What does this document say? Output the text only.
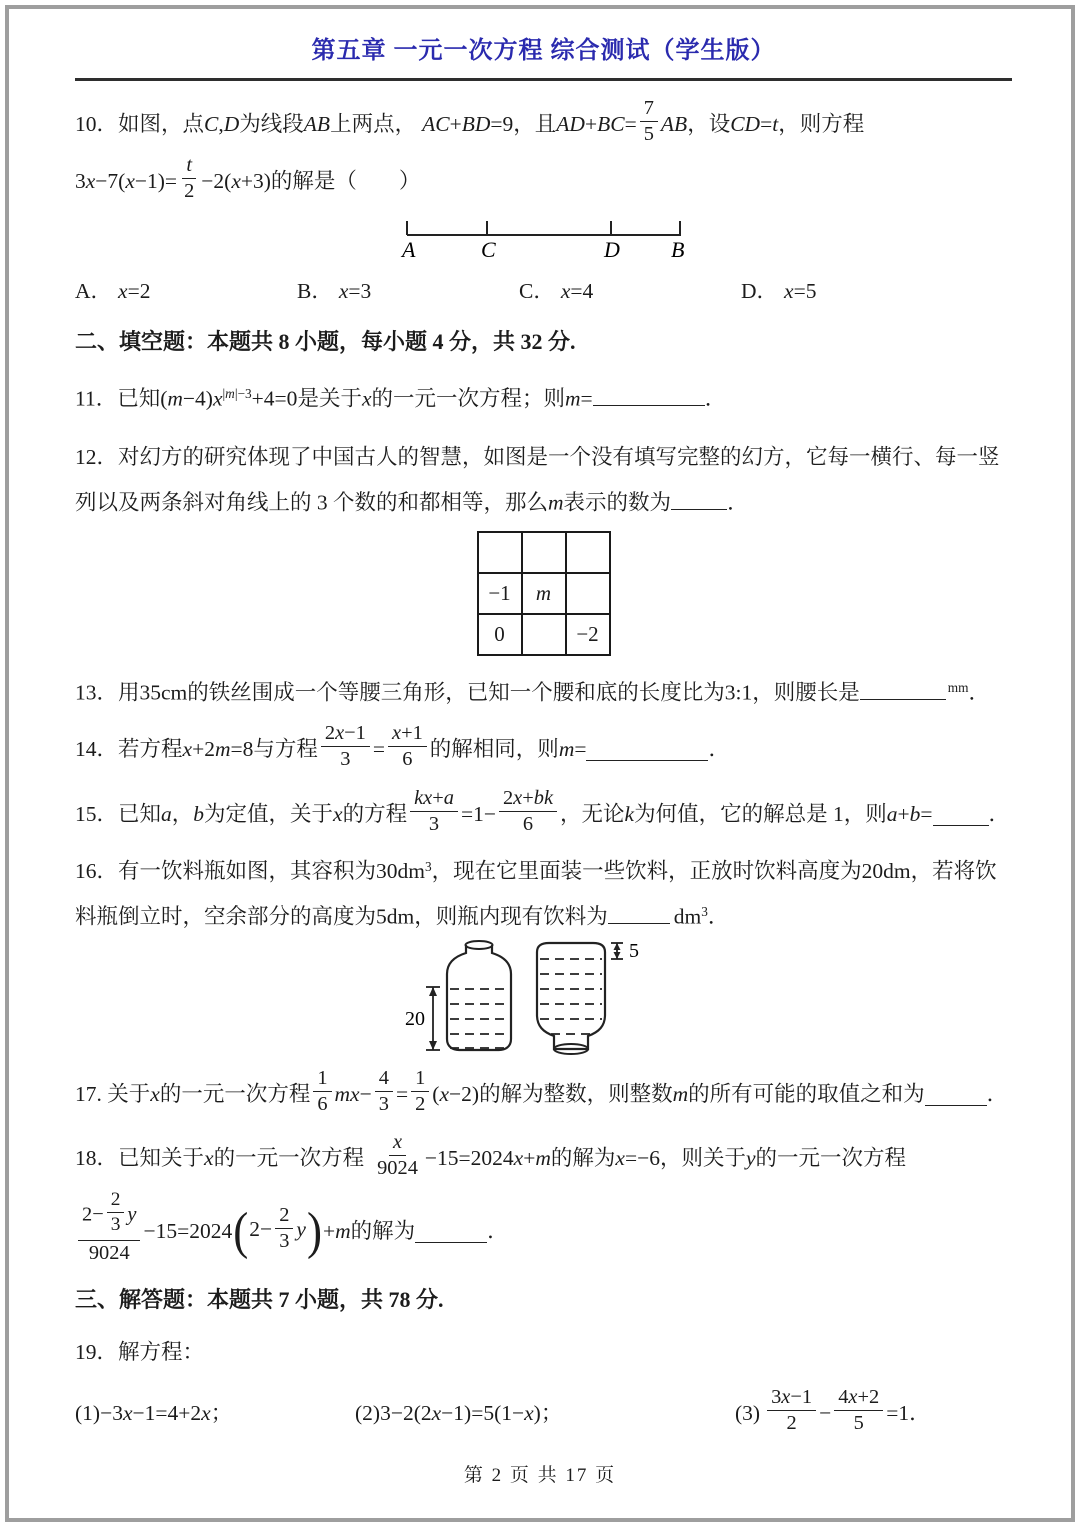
第五章 一元一次方程 综合测试（学生版）
10．如图，点 C,D 为线段 AB 上两点， AC+BD=9 ，且 $AD+BC= \frac{7}{5}$ AB ，设 CD=t ，则方程
$3x-7(x-1)= \frac{t}{2} -2(x+3)$ 的解是（ ）
A	C	D B
A． x=2	B． x=3	C． x=4	D． x=5
二、填空题：本题共 8 小题，每小题 4 分，共 32 分.
11．已知$(m-4)x^{|m|-3}+4=0$是关于x的一元一次方程；则m=	．
12．对幻方的研究体现了中国古人的智慧，如图是一个没有填写完整的幻方，它每一横行、每一竖
列以及两条斜对角线上的 3 个数的和都相等，那么m表示的数为	．

−1	m	
0		−2
13．用35cm的铁丝围成一个等腰三角形，已知一个腰和底的长度比为3:1，则腰长是	$^{mm}$．
14．若方程 x+2m=8 与方程 $\frac{2x-1}{3} = \frac{x+1}{6}$ 的解相同，则 m=	．
15．已知 a ， b 为定值，关于 x 的方程 $\frac{kx+a}{3} =1- \frac{2x+bk}{6}$ ，无论 k 为何值，它的解总是 1，则 a+b=	．
16．有一饮料瓶如图，其容积为$30dm^3$，现在它里面装一些饮料，正放时饮料高度为20dm，若将饮
料瓶倒立时，空余部分的高度为5dm，则瓶内现有饮料为	$dm^3$．
20
5
17. 关于 x 的一元一次方程 $\frac{1}{6} mx- \frac{4}{3} = \frac{1}{2} (x-2)$ 的解为整数，则整数 m 的所有可能的取值之和为	．
18．已知关于 x 的一元一次方程 $\frac{x}{9024} -15=2024x+m$ 的解为 x=−6 ，则关于 y 的一元一次方程
$\frac{2- \frac{2}{3} y}{9024} -15=2024$ ( $2- \frac{2}{3}$ y ) +m 的解为	．
三、解答题：本题共 7 小题，共 78 分.
19．解方程：
(1)−3x−1=4+2x；	(2)3−2(2x−1)=5(1−x)；	$(3) \frac{3x-1}{2} - \frac{4x+2}{5} =1$ ．
第 2 页 共 17 页
